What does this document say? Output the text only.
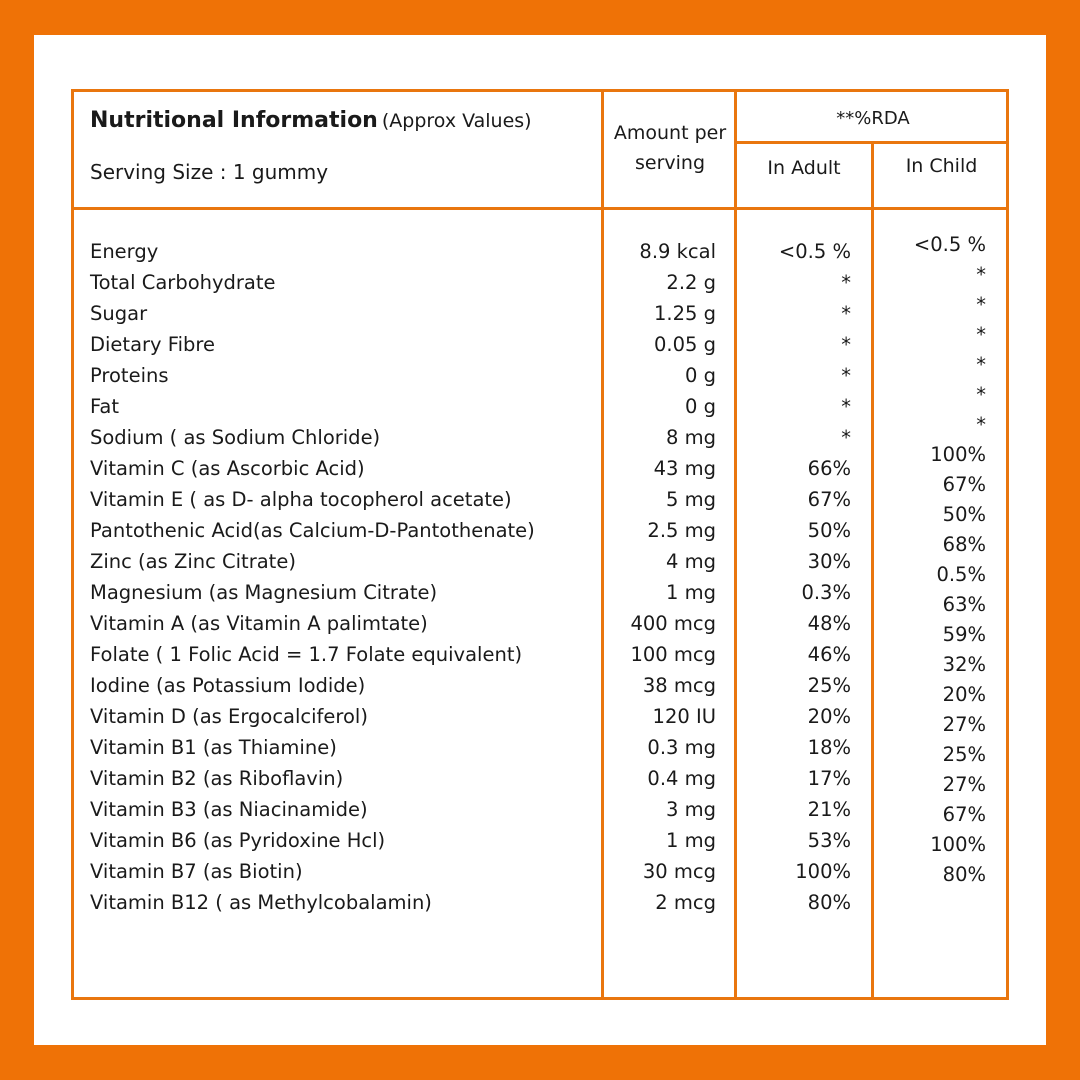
Nutritional Information (Approx Values)
Serving Size : 1 gummy
Amount per serving
**%RDA
In Adult	In Child
Energy
Total Carbohydrate
Sugar
Dietary Fibre
Proteins
Fat
Sodium ( as Sodium Chloride)
Vitamin C (as Ascorbic Acid)
Vitamin E ( as D- alpha tocopherol acetate)
Pantothenic Acid(as Calcium-D-Pantothenate)
Zinc (as Zinc Citrate)
Magnesium (as Magnesium Citrate)
Vitamin A (as Vitamin A palimtate)
Folate ( 1 Folic Acid = 1.7 Folate equivalent)
Iodine (as Potassium Iodide)
Vitamin D (as Ergocalciferol)
Vitamin B1 (as Thiamine)
Vitamin B2 (as Riboflavin)
Vitamin B3 (as Niacinamide)
Vitamin B6 (as Pyridoxine Hcl)
Vitamin B7 (as Biotin)
Vitamin B12 ( as Methylcobalamin)
8.9 kcal
2.2 g
1.25 g
0.05 g
0 g
0 g
8 mg
43 mg
5 mg
2.5 mg
4 mg
1 mg
400 mcg
100 mcg
38 mcg
120 IU
0.3 mg
0.4 mg
3 mg
1 mg
30 mcg
2 mcg
<0.5 %
*
*
*
*
*
*
66%
67%
50%
30%
0.3%
48%
46%
25%
20%
18%
17%
21%
53%
100%
80%
<0.5 %
*
*
*
*
*
*
100%
67%
50%
68%
0.5%
63%
59%
32%
20%
27%
25%
27%
67%
100%
80%
